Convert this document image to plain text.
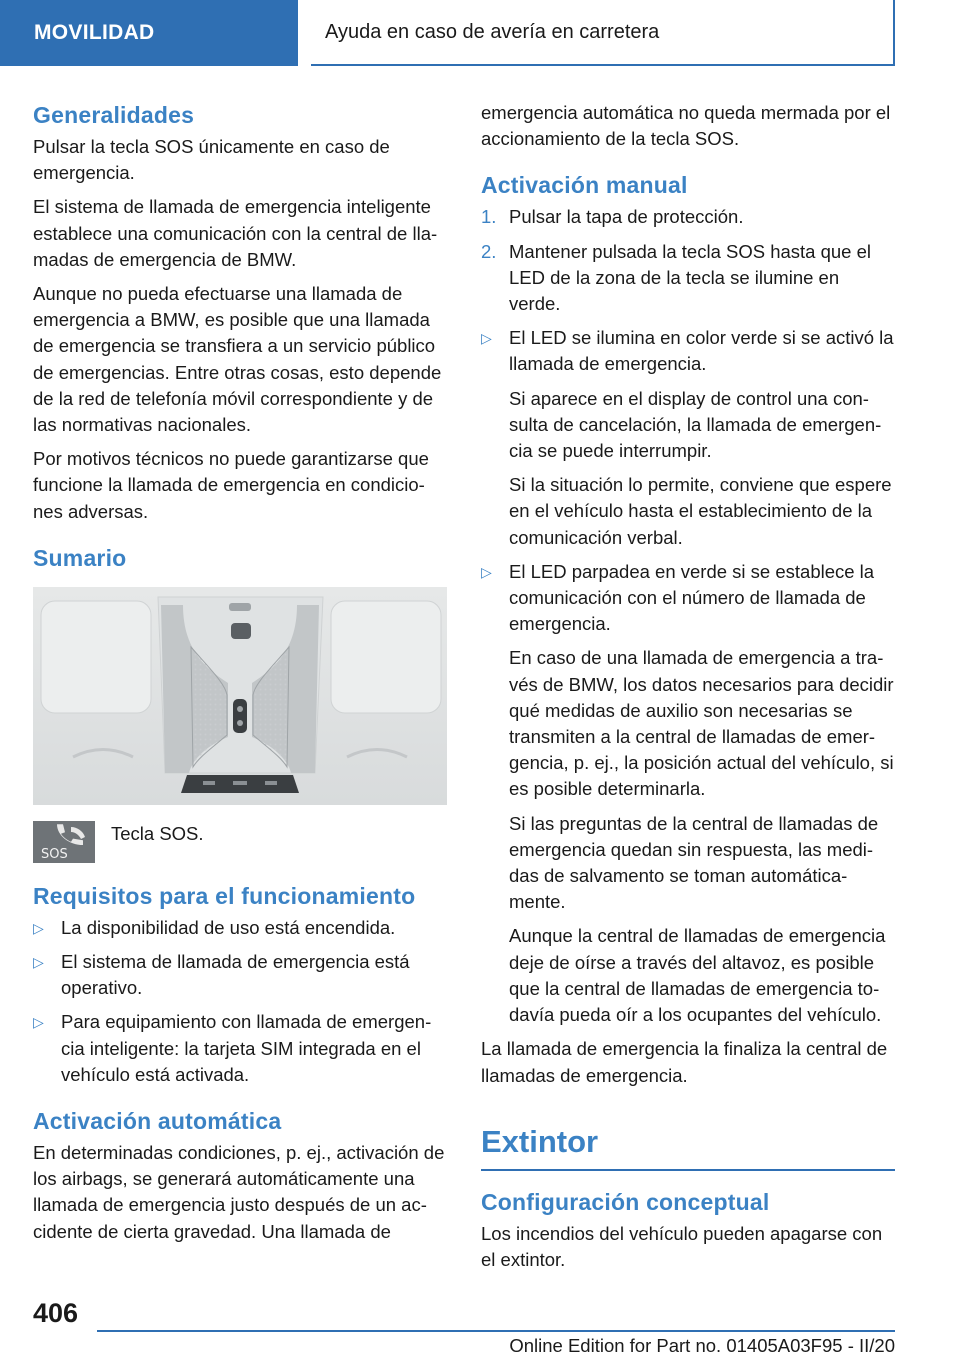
MOVILIDAD	Ayuda en caso de avería en carretera
Generalidades

Pulsar la tecla SOS únicamente en caso de emergencia.

El sistema de llamada de emergencia inteligente establece una comunicación con la central de llamadas de emergencia de BMW.

Aunque no pueda efectuarse una llamada de emergencia a BMW, es posible que una llamada de emergencia se transfiera a un servicio público de emergencias. Entre otras cosas, esto depende de la red de telefonía móvil correspondiente y de las normativas nacionales.

Por motivos técnicos no puede garantizarse que funcione la llamada de emergencia en condiciones adversas.

Sumario
SOS

Tecla SOS.

Requisitos para el funcionamiento
▷ La disponibilidad de uso está encendida.
▷ El sistema de llamada de emergencia está operativo.
▷ Para equipamiento con llamada de emergencia inteligente: la tarjeta SIM integrada en el vehículo está activada.
Activación automática

En determinadas condiciones, p. ej., activación de los airbags, se generará automáticamente una llamada de emergencia justo después de un accidente de cierta gravedad. Una llamada de

emergencia automática no queda mermada por el accionamiento de la tecla SOS.

Activación manual
1. Pulsar la tapa de protección.
2. Mantener pulsada la tecla SOS hasta que el LED de la zona de la tecla se ilumine en verde.
▷ El LED se ilumina en color verde si se activó la llamada de emergencia.

Si aparece en el display de control una consulta de cancelación, la llamada de emergencia se puede interrumpir.

Si la situación lo permite, conviene que espere en el vehículo hasta el establecimiento de la comunicación verbal.

▷ El LED parpadea en verde si se establece la comunicación con el número de llamada de emergencia.

En caso de una llamada de emergencia a través de BMW, los datos necesarios para decidir qué medidas de auxilio son necesarias se transmiten a la central de llamadas de emergencia, p. ej., la posición actual del vehículo, si es posible determinarla.

Si las preguntas de la central de llamadas de emergencia quedan sin respuesta, las medidas de salvamento se toman automáticamente.

Aunque la central de llamadas de emergencia deje de oírse a través del altavoz, es posible que la central de llamadas de emergencia todavía pueda oír a los ocupantes del vehículo.

La llamada de emergencia la finaliza la central de llamadas de emergencia.

Extintor
Configuración conceptual

Los incendios del vehículo pueden apagarse con el extintor.

406
Online Edition for Part no. 01405A03F95 - II/20
